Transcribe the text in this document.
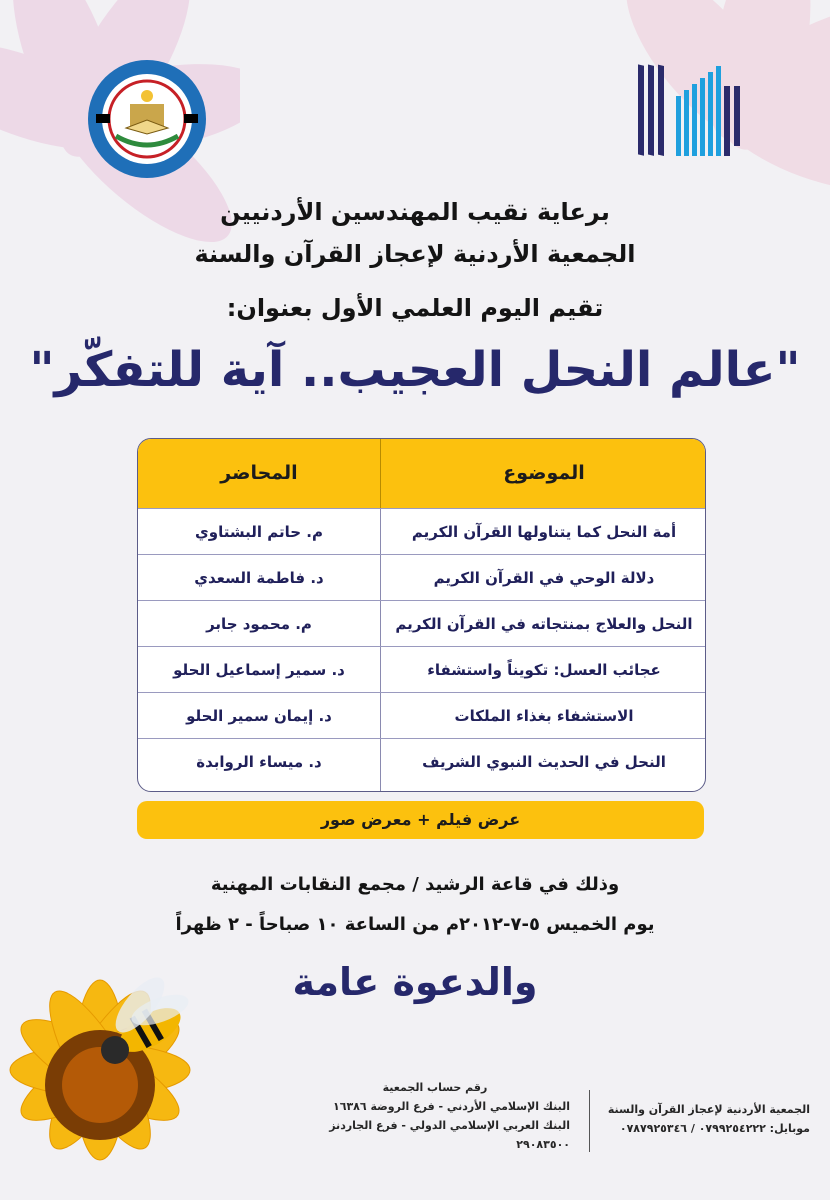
برعاية نقيب المهندسين الأردنيين
الجمعية الأردنية لإعجاز القرآن والسنة
تقيم اليوم العلمي الأول بعنوان:
"عالم النحل العجيب.. آية للتفكّر"
الموضوع
المحاضر
أمة النحل كما يتناولها القرآن الكريم
م. حاتم البشتاوي
دلالة الوحي في القرآن الكريم
د. فاطمة السعدي
النحل والعلاج بمنتجاته في القرآن الكريم
م. محمود جابر
عجائب العسل: تكويناً واستشفاء
د. سمير إسماعيل الحلو
الاستشفاء بغذاء الملكات
د. إيمان سمير الحلو
النحل في الحديث النبوي الشريف
د. ميساء الروابدة
عرض فيلم + معرض صور
وذلك في قاعة الرشيد / مجمع النقابات المهنية
يوم الخميس ٥-٧-٢٠١٢م من الساعة ١٠ صباحاً - ٢ ظهراً
والدعوة عامة
رقم حساب الجمعية
البنك الإسلامي الأردني - فرع الروضة ١٦٣٨٦
البنك العربي الإسلامي الدولي - فرع الجاردنز ٢٩٠٨٣٥٠٠
الجمعية الأردنية لإعجاز القرآن والسنة
موبايل: ٠٧٩٩٢٥٤٢٢٢ / ٠٧٨٧٩٢٥٣٤٦
